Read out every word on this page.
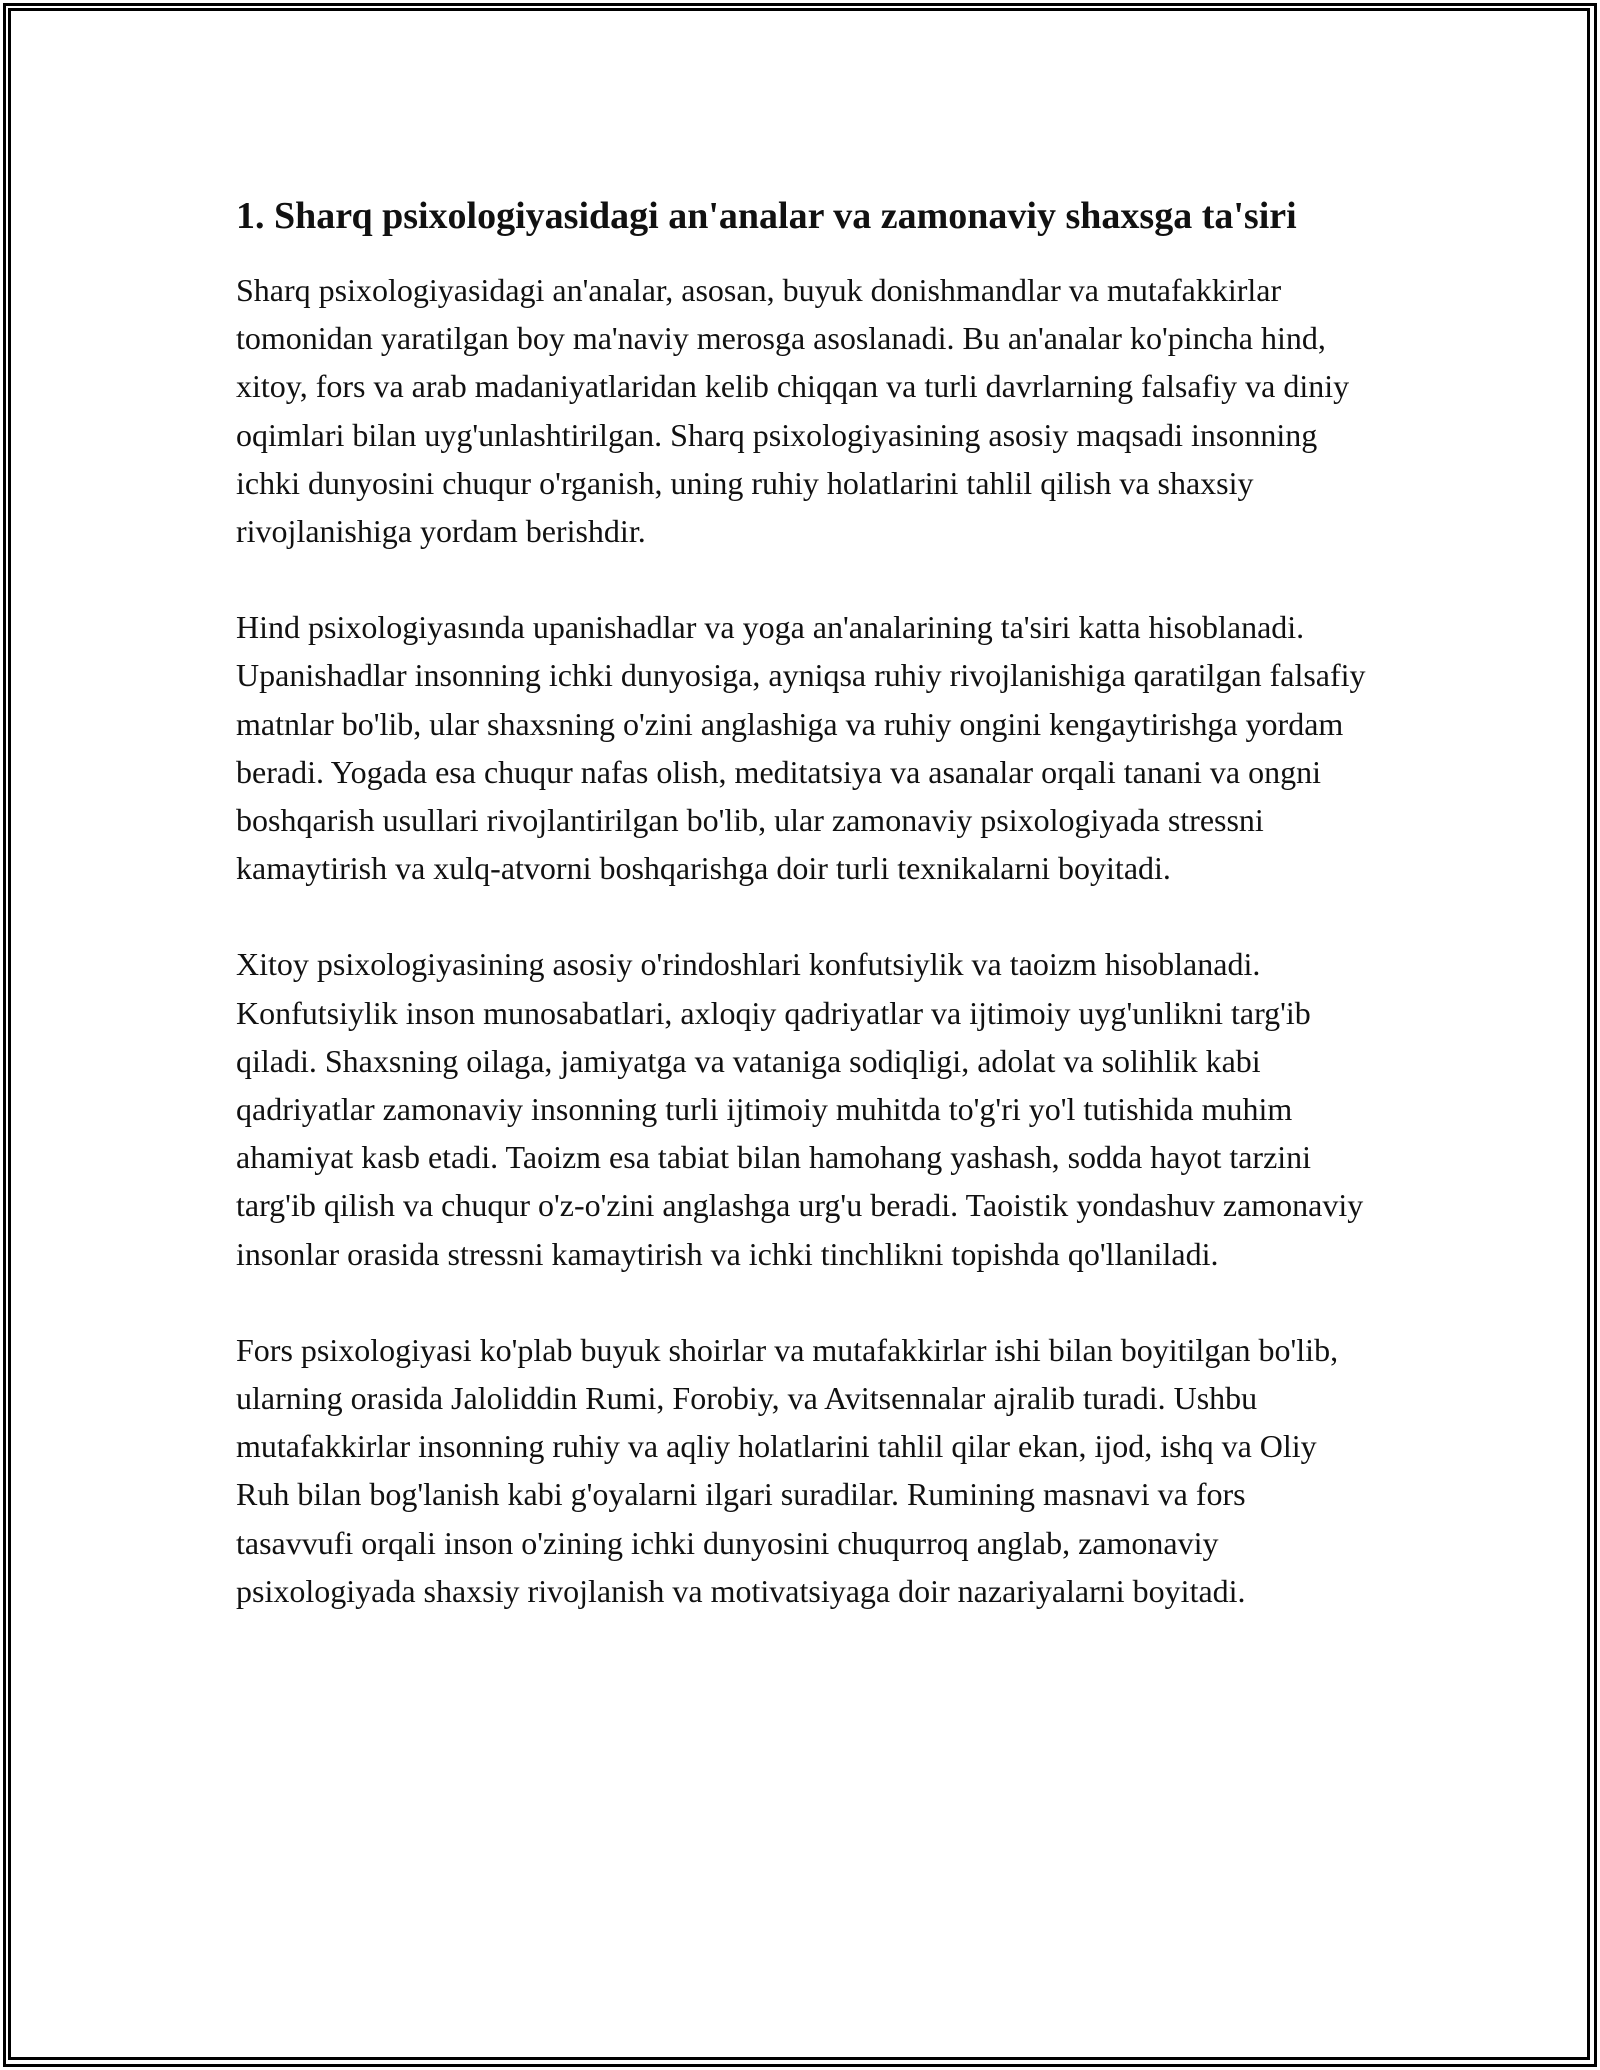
1. Sharq psixologiyasidagi an'analar va zamonaviy shaxsga ta'siri

Sharq psixologiyasidagi an'analar, asosan, buyuk donishmandlar va mutafakkirlar tomonidan yaratilgan boy ma'naviy merosga asoslanadi. Bu an'analar ko'pincha hind, xitoy, fors va arab madaniyatlaridan kelib chiqqan va turli davrlarning falsafiy va diniy oqimlari bilan uyg'unlashtirilgan. Sharq psixologiyasining asosiy maqsadi insonning ichki dunyosini chuqur o'rganish, uning ruhiy holatlarini tahlil qilish va shaxsiy rivojlanishiga yordam berishdir.

Hind psixologiyasında upanishadlar va yoga an'analarining ta'siri katta hisoblanadi. Upanishadlar insonning ichki dunyosiga, ayniqsa ruhiy rivojlanishiga qaratilgan falsafiy matnlar bo'lib, ular shaxsning o'zini anglashiga va ruhiy ongini kengaytirishga yordam beradi. Yogada esa chuqur nafas olish, meditatsiya va asanalar orqali tanani va ongni boshqarish usullari rivojlantirilgan bo'lib, ular zamonaviy psixologiyada stressni kamaytirish va xulq-atvorni boshqarishga doir turli texnikalarni boyitadi.

Xitoy psixologiyasining asosiy o'rindoshlari konfutsiylik va taoizm hisoblanadi. Konfutsiylik inson munosabatlari, axloqiy qadriyatlar va ijtimoiy uyg'unlikni targ'ib qiladi. Shaxsning oilaga, jamiyatga va vataniga sodiqligi, adolat va solihlik kabi qadriyatlar zamonaviy insonning turli ijtimoiy muhitda to'g'ri yo'l tutishida muhim ahamiyat kasb etadi. Taoizm esa tabiat bilan hamohang yashash, sodda hayot tarzini targ'ib qilish va chuqur o'z-o'zini anglashga urg'u beradi. Taoistik yondashuv zamonaviy insonlar orasida stressni kamaytirish va ichki tinchlikni topishda qo'llaniladi.

Fors psixologiyasi ko'plab buyuk shoirlar va mutafakkirlar ishi bilan boyitilgan bo'lib, ularning orasida Jaloliddin Rumi, Forobiy, va Avitsennalar ajralib turadi. Ushbu mutafakkirlar insonning ruhiy va aqliy holatlarini tahlil qilar ekan, ijod, ishq va Oliy Ruh bilan bog'lanish kabi g'oyalarni ilgari suradilar. Rumining masnavi va fors tasavvufi orqali inson o'zining ichki dunyosini chuqurroq anglab, zamonaviy psixologiyada shaxsiy rivojlanish va motivatsiyaga doir nazariyalarni boyitadi.
